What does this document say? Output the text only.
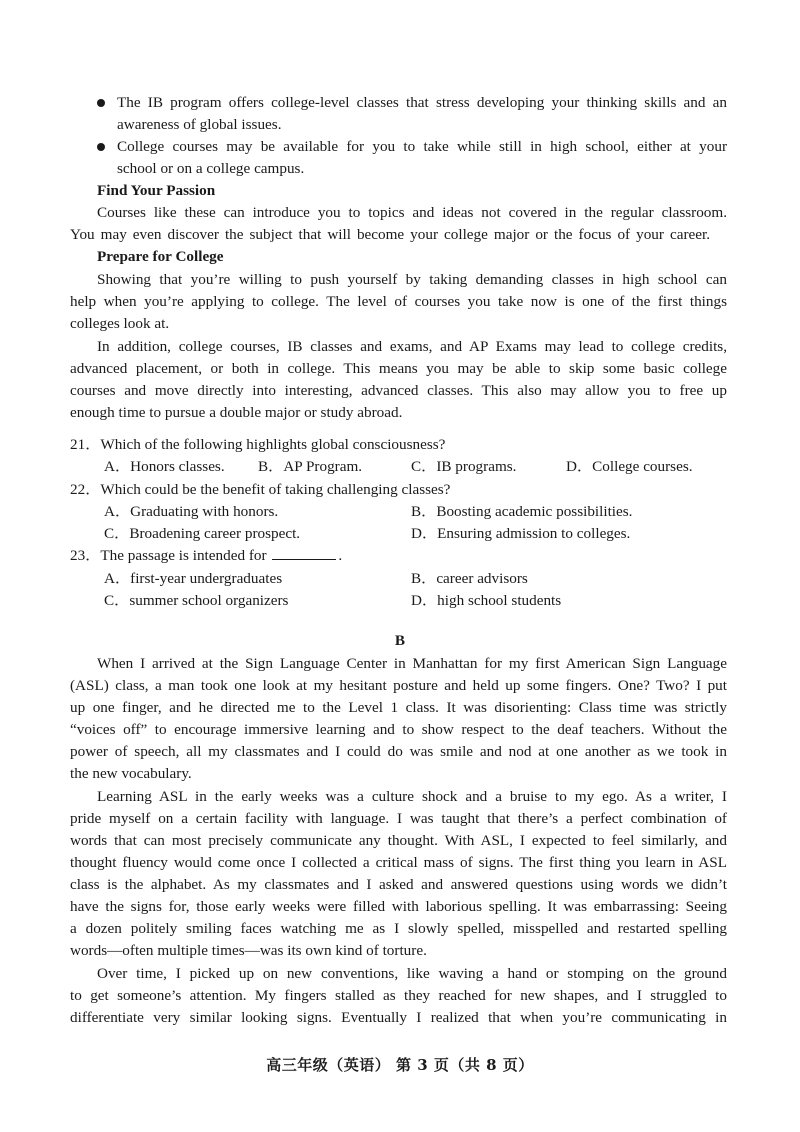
The IB program offers college-level classes that stress developing your thinking skills and an
awareness of global issues.
College courses may be available for you to take while still in high school, either at your
school or on a college campus.
Find Your Passion
Courses like these can introduce you to topics and ideas not covered in the regular classroom.
You may even discover the subject that will become your college major or the focus of your career.
Prepare for College
Showing that you’re willing to push yourself by taking demanding classes in high school can
help when you’re applying to college. The level of courses you take now is one of the first things
colleges look at.
In addition, college courses, IB classes and exams, and AP Exams may lead to college credits,
advanced placement, or both in college. This means you may be able to skip some basic college
courses and move directly into interesting, advanced classes. This also may allow you to free up
enough time to pursue a double major or study abroad.
21．Which of the following highlights global consciousness?
A．Honors classes. B．AP Program.	C．IB programs.	D．College courses.
22．Which could be the benefit of taking challenging classes?
A．Graduating with honors.	B．Boosting academic possibilities.
C．Broadening career prospect.	D．Ensuring admission to colleges.
23．The passage is intended for	.
A．first-year undergraduates	B．career advisors
C．summer school organizers	D．high school students
B
When I arrived at the Sign Language Center in Manhattan for my first American Sign Language
(ASL) class, a man took one look at my hesitant posture and held up some fingers. One? Two? I put
up one finger, and he directed me to the Level 1 class. It was disorienting: Class time was strictly
“voices off” to encourage immersive learning and to show respect to the deaf teachers. Without the
power of speech, all my classmates and I could do was smile and nod at one another as we took in
the new vocabulary.
Learning ASL in the early weeks was a culture shock and a bruise to my ego. As a writer, I
pride myself on a certain facility with language. I was taught that there’s a perfect combination of
words that can most precisely communicate any thought. With ASL, I expected to feel similarly, and
thought fluency would come once I collected a critical mass of signs. The first thing you learn in ASL
class is the alphabet. As my classmates and I asked and answered questions using words we didn’t
have the signs for, those early weeks were filled with laborious spelling. It was embarrassing: Seeing
a dozen politely smiling faces watching me as I slowly spelled, misspelled and restarted spelling
words—often multiple times—was its own kind of torture.
Over time, I picked up on new conventions, like waving a hand or stomping on the ground
to get someone’s attention. My fingers stalled as they reached for new shapes, and I struggled to
differentiate very similar looking signs. Eventually I realized that when you’re communicating in
高三年级（英语） 第 3 页（共 8 页）
